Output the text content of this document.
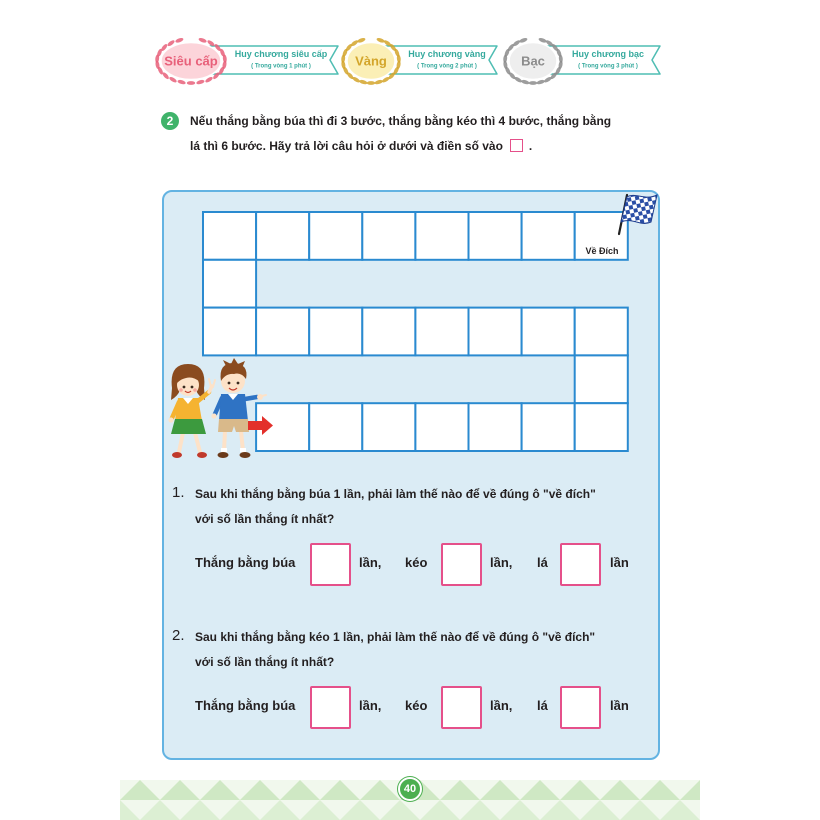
Huy chương siêu cấp
( Trong vòng 1 phút )
Siêu cấp	Huy chương vàng
( Trong vòng 2 phút )
Vàng	Huy chương bạc
( Trong vòng 3 phút )
Bạc
2	Nếu thắng bằng búa thì đi 3 bước, thắng bằng kéo thì 4 bước, thắng bằng
lá thì 6 bước. Hãy trả lời câu hỏi ở dưới và điền số vào .
Về Đích
1. Sau khi thắng bằng búa 1 lần, phải làm thế nào để về đúng ô "về đích"
với số lần thắng ít nhất?
Thắng bằng búa	lần, kéo	lần, lá	lần
2. Sau khi thắng bằng kéo 1 lần, phải làm thế nào để về đúng ô "về đích"
với số lần thắng ít nhất?
Thắng bằng búa	lần, kéo	lần, lá	lần
40
